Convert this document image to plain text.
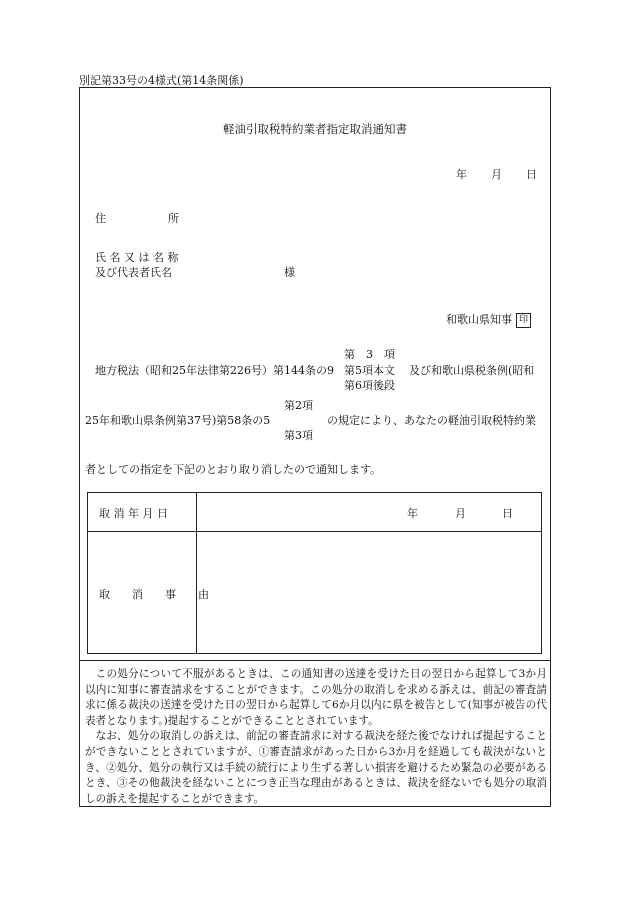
別記第33号の4様式(第14条関係)
軽油引取税特約業者指定取消通知書
年 月 日
住	所
氏 名 又 は 名 称
及び代表者氏名	様
和歌山県知事 印
第　3　項
地方税法（昭和25年法律第226号）第144条の9 第5項本文 及び和歌山県税条例(昭和
第6項後段
第2項
25年和歌山県条例第37号)第58条の5	の規定により、あなたの軽油引取税特約業
第3項
者としての指定を下記のとおり取り消したので通知します。
取 消 年 月 日	年	月	日
取　　消　　事　　由

この処分について不服があるときは、この通知書の送達を受けた日の翌日から起算して3か月以内に知事に審査請求をすることができます。この処分の取消しを求める訴えは、前記の審査請求に係る裁決の送達を受けた日の翌日から起算して6か月以内に県を被告として(知事が被告の代表者となります。)提起することができることとされています。

なお、処分の取消しの訴えは、前記の審査請求に対する裁決を経た後でなければ提起することができないこととされていますが、①審査請求があった日から3か月を経過しても裁決がないとき、②処分、処分の執行又は手続の続行により生ずる著しい損害を避けるため緊急の必要があるとき、③その他裁決を経ないことにつき正当な理由があるときは、裁決を経ないでも処分の取消しの訴えを提起することができます。
